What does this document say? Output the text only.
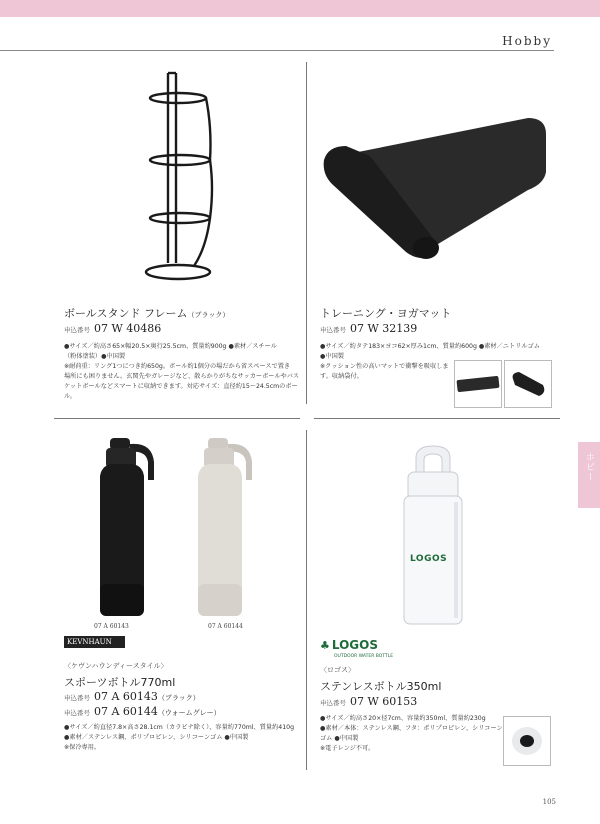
Hobby
ホビー
ボールスタンド フレーム（ブラック）
申込番号 07 W 40486
●サイズ／約高さ65×幅20.5×奥行25.5cm、質量約900g ●素材／スチール
（粉体塗装）●中国製
※耐荷重：リング1つにつき約650g。ボール約1個分の場だから省スペースで置き
場所にも困りません。玄関先やガレージなど、散らかりがちなサッカーボールやバス
ケットボールなどスマートに収納できます。対応サイズ：直径約15～24.5cmのボー
ル。
トレーニング・ヨガマット
申込番号 07 W 32139
●サイズ／約タテ183×ヨコ62×厚み1cm、質量約600g ●素材／ニトリルゴム
●中国製
※クッション性の高いマットで衝撃を吸収しま
す。収納袋付。
07 A 60143	07 A 60144
KEVNHAUN
〈ケヴンハウンディースタイル〉
スポーツボトル770ml
申込番号 07 A 60143（ブラック）
申込番号 07 A 60144（ウォームグレー）
●サイズ／約直径7.8×高さ28.1cm（カラビナ除く）、容量約770ml、質量約410g
●素材／ステンレス鋼、ポリプロピレン、シリコーンゴム ●中国製
※保冷専用。
LOGOS
♣ LOGOS
OUTDOOR WATER BOTTLE
〈ロゴス〉
ステンレスボトル350ml
申込番号 07 W 60153
●サイズ／約高さ20×径7cm、容量約350ml、質量約230g
●素材／本体：ステンレス鋼、フタ：ポリプロピレン、シリコーン
ゴム ●中国製
※電子レンジ不可。
105
